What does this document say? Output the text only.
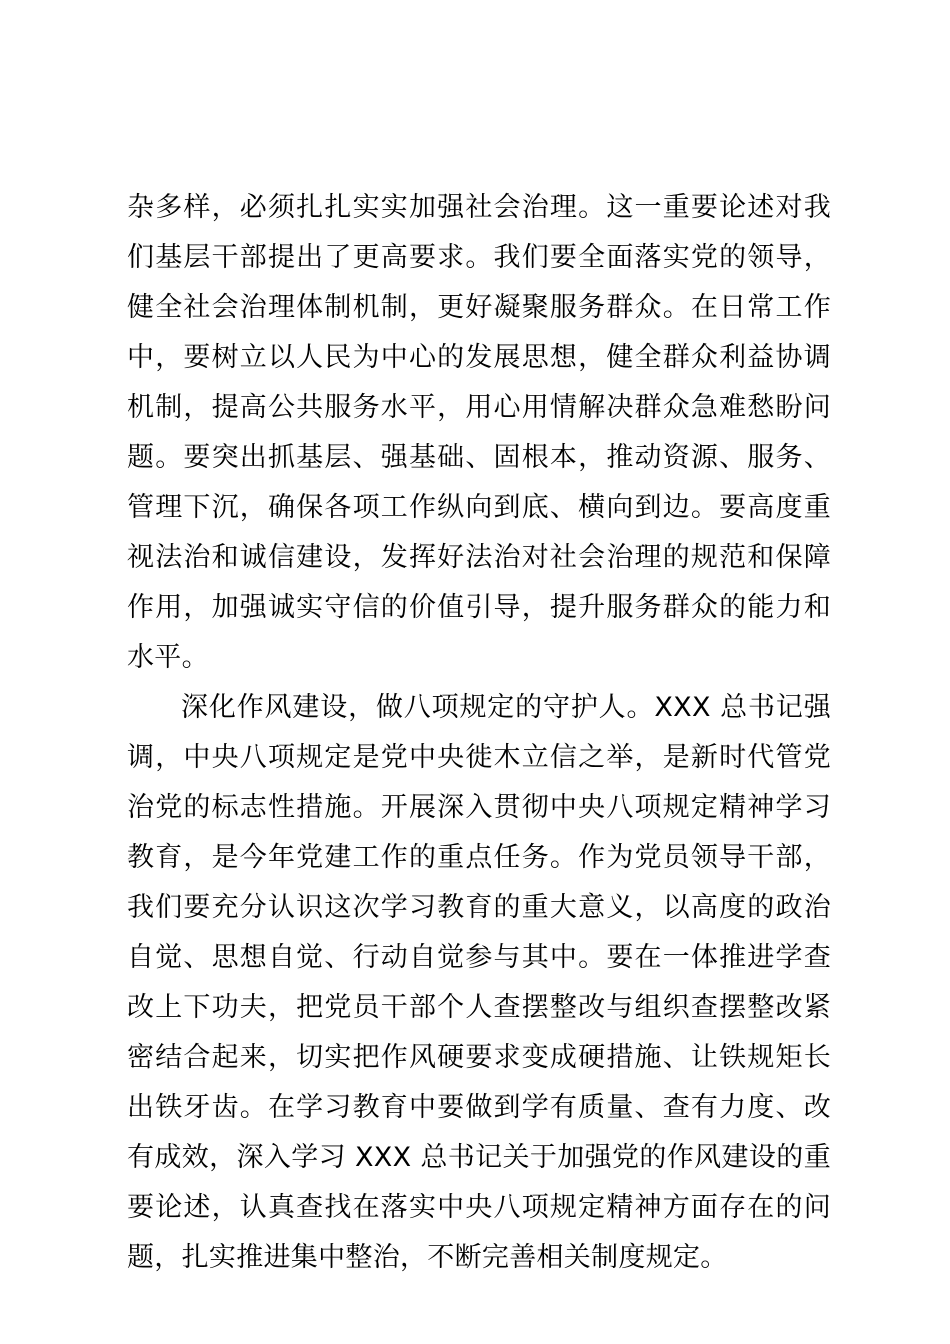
杂多样，必须扎扎实实加强社会治理。这一重要论述对我们基层干部提出了更高要求。我们要全面落实党的领导，健全社会治理体制机制，更好凝聚服务群众。在日常工作中，要树立以人民为中心的发展思想，健全群众利益协调机制，提高公共服务水平，用心用情解决群众急难愁盼问题。要突出抓基层、强基础、固根本，推动资源、服务、管理下沉，确保各项工作纵向到底、横向到边。要高度重视法治和诚信建设，发挥好法治对社会治理的规范和保障作用，加强诚实守信的价值引导，提升服务群众的能力和水平。

深化作风建设，做八项规定的守护人。XXX 总书记强调，中央八项规定是党中央徙木立信之举，是新时代管党治党的标志性措施。开展深入贯彻中央八项规定精神学习教育，是今年党建工作的重点任务。作为党员领导干部，我们要充分认识这次学习教育的重大意义，以高度的政治自觉、思想自觉、行动自觉参与其中。要在一体推进学查改上下功夫，把党员干部个人查摆整改与组织查摆整改紧密结合起来，切实把作风硬要求变成硬措施、让铁规矩长出铁牙齿。在学习教育中要做到学有质量、查有力度、改有成效，深入学习 XXX 总书记关于加强党的作风建设的重要论述，认真查找在落实中央八项规定精神方面存在的问题，扎实推进集中整治，不断完善相关制度规定。
